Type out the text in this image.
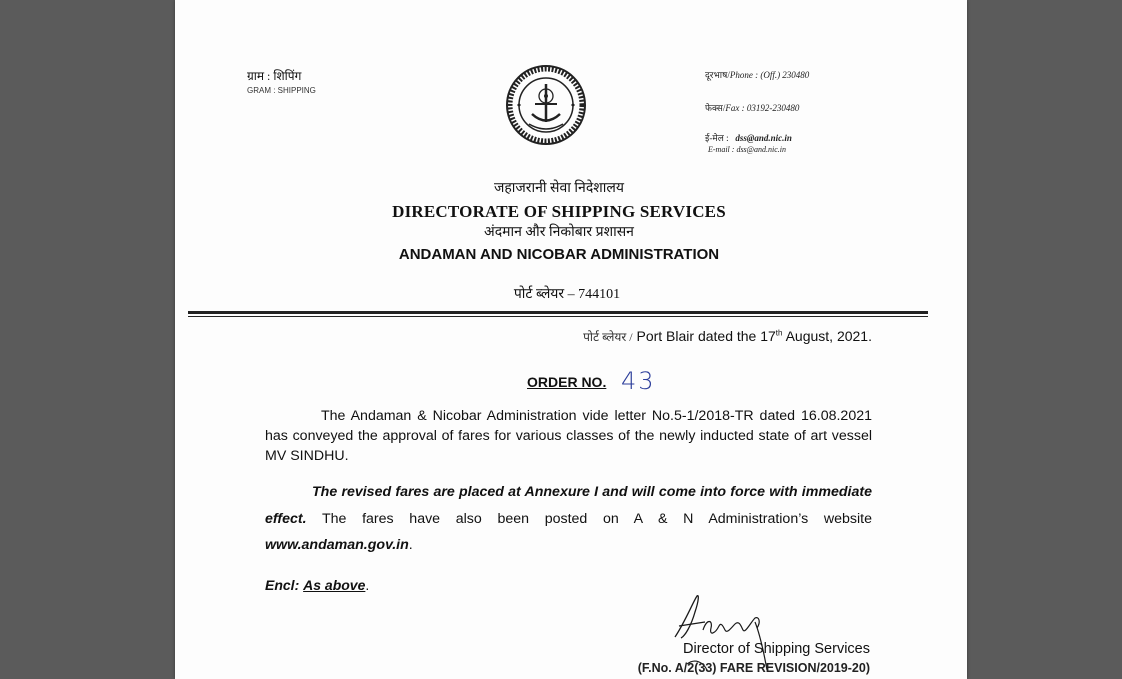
ग्राम : शिपिंग
GRAM : SHIPPING
दूरभाष/Phone : (Off.) 230480
फेक्स/Fax : 03192-230480
ई-मेल : dss@and.nic.in
E-mail : dss@and.nic.in
जहाजरानी सेवा निदेशालय
DIRECTORATE OF SHIPPING SERVICES
अंदमान और निकोबार प्रशासन
ANDAMAN AND NICOBAR ADMINISTRATION
पोर्ट ब्लेयर – 744101
पोर्ट ब्लेयर / Port Blair dated the 17th August, 2021.
ORDER NO. 43
The Andaman & Nicobar Administration vide letter No.5-1/2018-TR dated 16.08.2021 has conveyed the approval of fares for various classes of the newly inducted state of art vessel MV SINDHU.
The revised fares are placed at Annexure I and will come into force with immediate effect. The fares have also been posted on A & N Administration’s website www.andaman.gov.in.
Encl: As above.
Director of Shipping Services
(F.No. A/2(33) FARE REVISION/2019-20)
